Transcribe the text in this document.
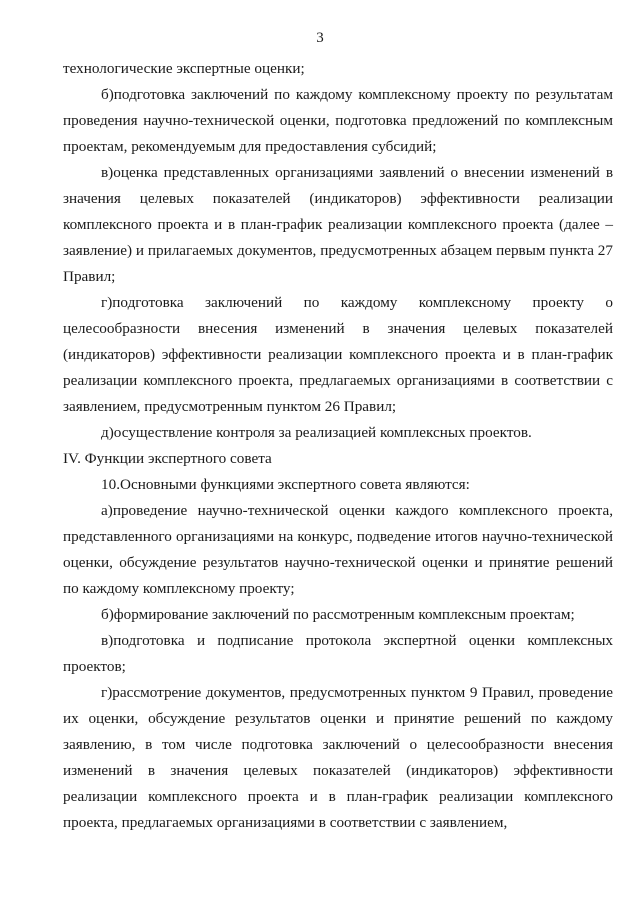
3

технологические экспертные оценки;

б)подготовка заключений по каждому комплексному проекту по результатам проведения научно-технической оценки, подготовка предложений по комплексным проектам, рекомендуемым для предоставления субсидий;

в)оценка представленных организациями заявлений о внесении изменений в значения целевых показателей (индикаторов) эффективности реализации комплексного проекта и в план-график реализации комплексного проекта (далее – заявление) и прилагаемых документов, предусмотренных абзацем первым пункта 27 Правил;

г)подготовка заключений по каждому комплексному проекту о целесообразности внесения изменений в значения целевых показателей (индикаторов) эффективности реализации комплексного проекта и в план-график реализации комплексного проекта, предлагаемых организациями в соответствии с заявлением, предусмотренным пунктом 26 Правил;

д)осуществление контроля за реализацией комплексных проектов.

IV. Функции экспертного совета

10.Основными функциями экспертного совета являются:

а)проведение научно-технической оценки каждого комплексного проекта, представленного организациями на конкурс, подведение итогов научно-технической оценки, обсуждение результатов научно-технической оценки и принятие решений по каждому комплексному проекту;

б)формирование заключений по рассмотренным комплексным проектам;

в)подготовка и подписание протокола экспертной оценки комплексных проектов;

г)рассмотрение документов, предусмотренных пунктом 9 Правил, проведение их оценки, обсуждение результатов оценки и принятие решений по каждому заявлению, в том числе подготовка заключений о целесообразности внесения изменений в значения целевых показателей (индикаторов) эффективности реализации комплексного проекта и в план-график реализации комплексного проекта, предлагаемых организациями в соответствии с заявлением,
